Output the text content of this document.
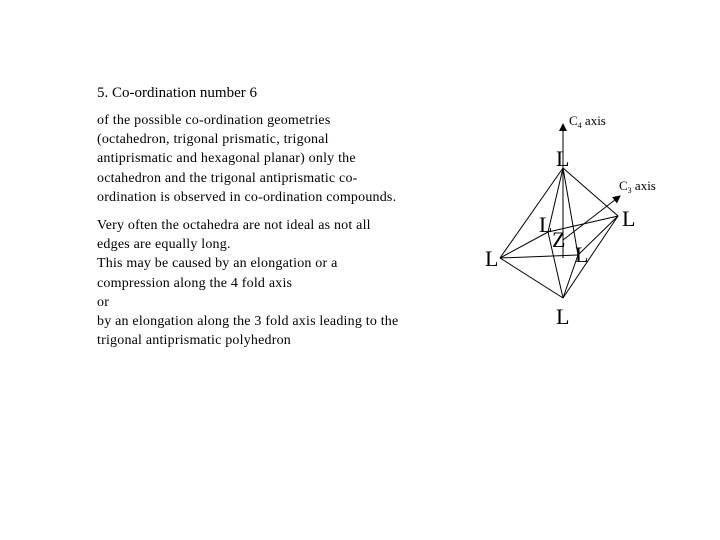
5. Co-ordination number 6
of the possible co-ordination geometries
(octahedron, trigonal prismatic, trigonal
antiprismatic and hexagonal planar) only the
octahedron and the trigonal antiprismatic co-
ordination is observed in co-ordination compounds.
Very often the octahedra are not ideal as not all
edges are equally long.
This may be caused by an elongation or a
compression along the 4 fold axis
or
by an elongation along the 3 fold axis leading to the
trigonal antiprismatic polyhedron
$C_4$ axis
$C_3$ axis
L
L
L
L
L
L
Z
